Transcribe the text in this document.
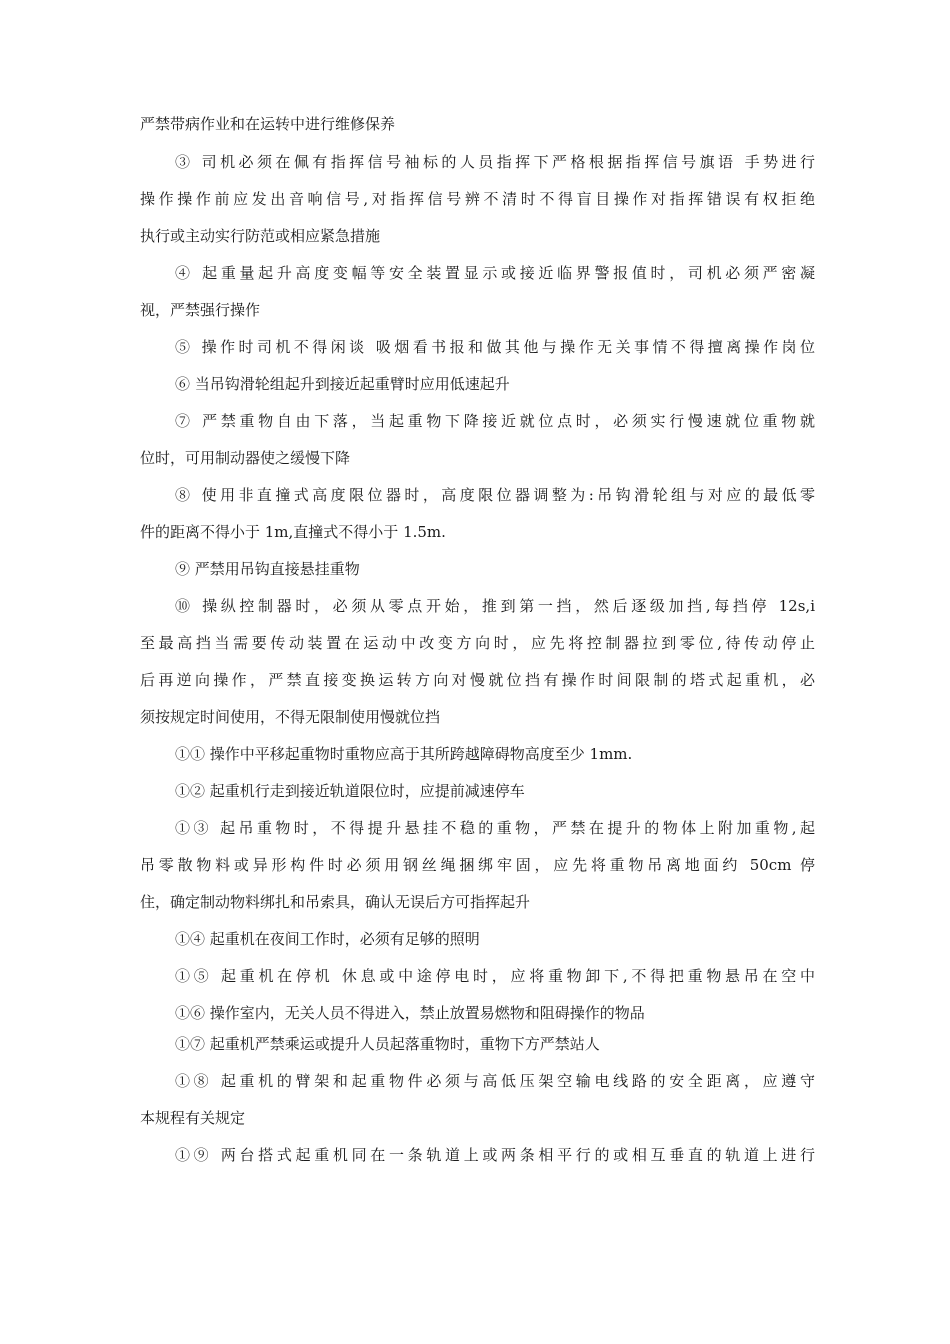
严禁带病作业和在运转中进行维修保养
③ 司机必须在佩有指挥信号袖标的人员指挥下严格根据指挥信号旗语 手势进行
操作操作前应发出音响信号,对指挥信号辨不清时不得盲目操作对指挥错误有权拒绝
执行或主动实行防范或相应紧急措施
④ 起重量起升高度变幅等安全装置显示或接近临界警报值时，司机必须严密凝
视，严禁强行操作
⑤ 操作时司机不得闲谈 吸烟看书报和做其他与操作无关事情不得擅离操作岗位
⑥ 当吊钩滑轮组起升到接近起重臂时应用低速起升
⑦ 严禁重物自由下落，当起重物下降接近就位点时，必须实行慢速就位重物就
位时，可用制动器使之缓慢下降
⑧ 使用非直撞式高度限位器时，高度限位器调整为:吊钩滑轮组与对应的最低零
件的距离不得小于 1m,直撞式不得小于 1.5m.
⑨ 严禁用吊钩直接悬挂重物
⑩ 操纵控制器时，必须从零点开始，推到第一挡，然后逐级加挡,每挡停 12s,i
至最高挡当需要传动装置在运动中改变方向时，应先将控制器拉到零位,待传动停止
后再逆向操作，严禁直接变换运转方向对慢就位挡有操作时间限制的塔式起重机，必
须按规定时间使用，不得无限制使用慢就位挡
①① 操作中平移起重物时重物应高于其所跨越障碍物高度至少 1mm.
①② 起重机行走到接近轨道限位时，应提前减速停车
①③ 起吊重物时，不得提升悬挂不稳的重物，严禁在提升的物体上附加重物,起
吊零散物料或异形构件时必须用钢丝绳捆绑牢固，应先将重物吊离地面约 50cm 停
住，确定制动物料绑扎和吊索具，确认无误后方可指挥起升
①④ 起重机在夜间工作时，必须有足够的照明
①⑤ 起重机在停机 休息或中途停电时，应将重物卸下,不得把重物悬吊在空中
①⑥ 操作室内，无关人员不得进入，禁止放置易燃物和阻碍操作的物品
①⑦ 起重机严禁乘运或提升人员起落重物时，重物下方严禁站人
①⑧ 起重机的臂架和起重物件必须与高低压架空输电线路的安全距离，应遵守
本规程有关规定
①⑨ 两台搭式起重机同在一条轨道上或两条相平行的或相互垂直的轨道上进行
